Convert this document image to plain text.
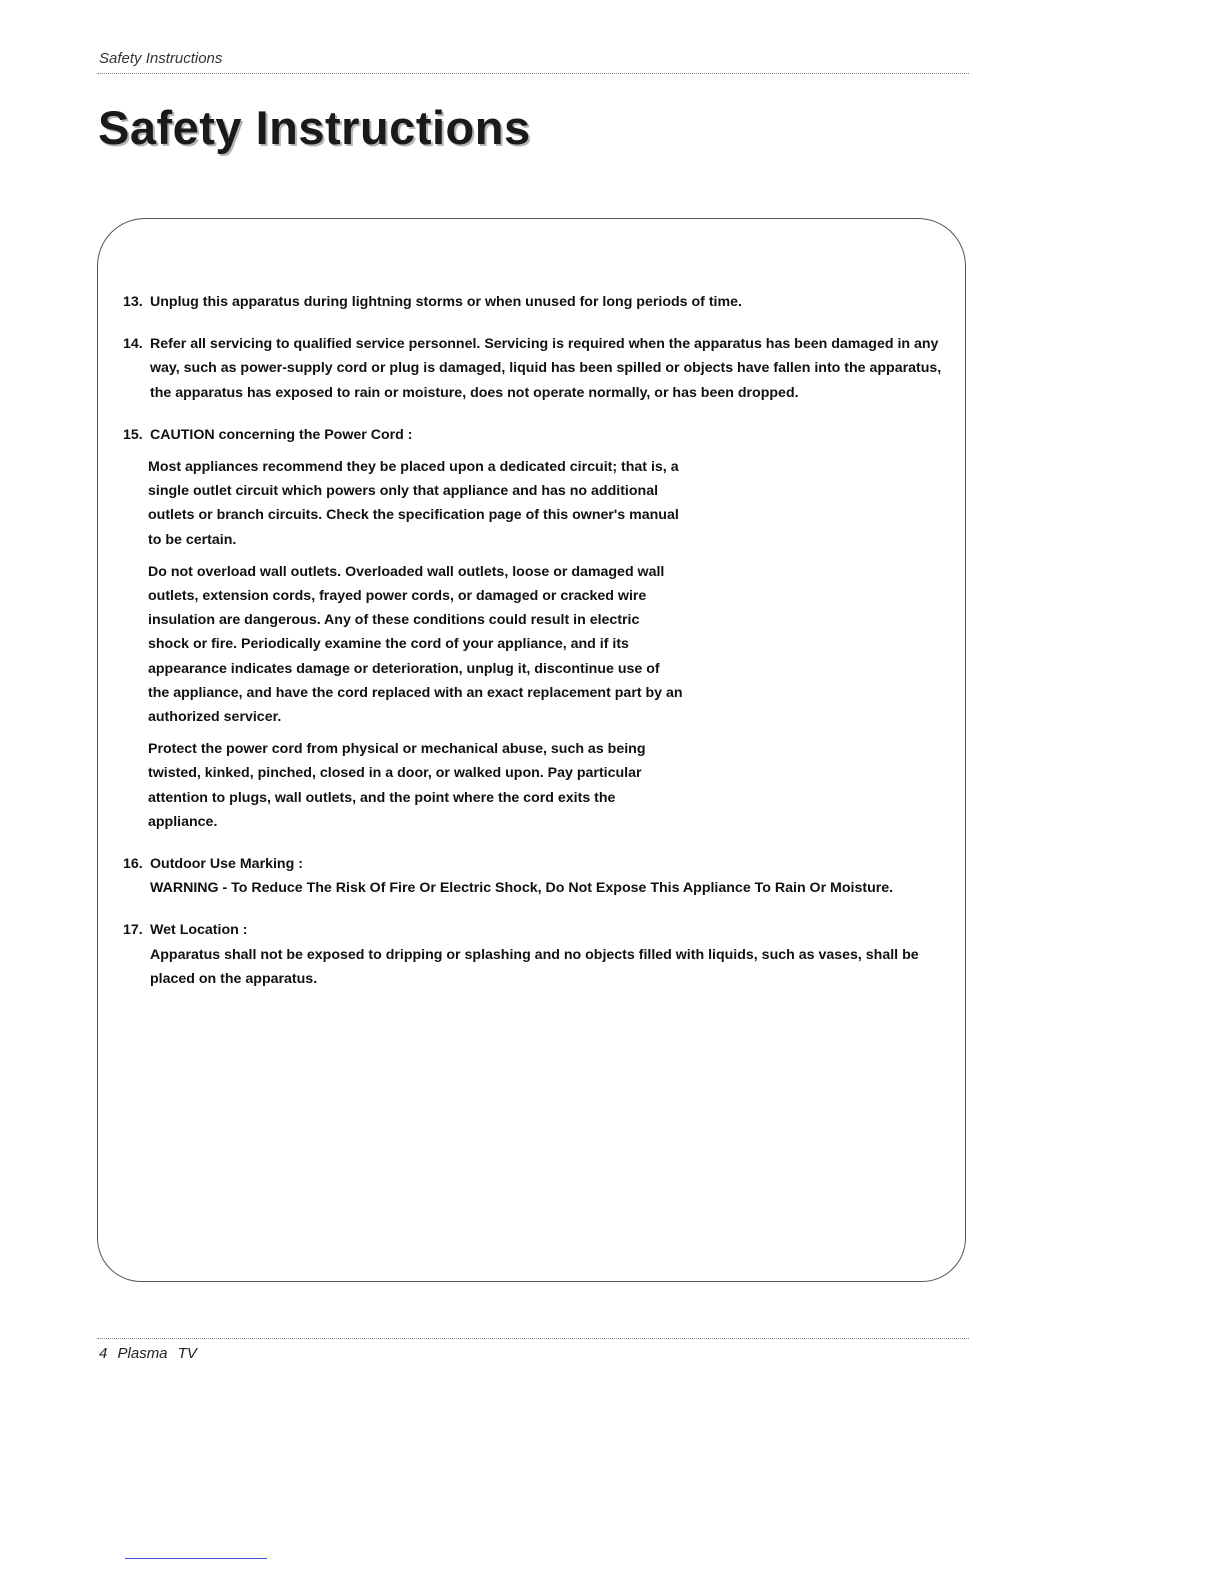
Safety Instructions
Safety Instructions
13. Unplug this apparatus during lightning storms or when unused for long periods of time.
14. Refer all servicing to qualified service personnel. Servicing is required when the apparatus has been damaged in any way, such as power-supply cord or plug is damaged, liquid has been spilled or objects have fallen into the apparatus, the apparatus has exposed to rain or moisture, does not operate normally, or has been dropped.
15. CAUTION concerning the Power Cord :
Most appliances recommend they be placed upon a dedicated circuit; that is, a single outlet circuit which powers only that appliance and has no additional outlets or branch circuits. Check the specification page of this owner's manual to be certain.
Do not overload wall outlets. Overloaded wall outlets, loose or damaged wall outlets, extension cords, frayed power cords, or damaged or cracked wire insulation are dangerous. Any of these conditions could result in electric shock or fire. Periodically examine the cord of your appliance, and if its appearance indicates damage or deterioration, unplug it, discontinue use of the appliance, and have the cord replaced with an exact replacement part by an authorized servicer.
Protect the power cord from physical or mechanical abuse, such as being twisted, kinked, pinched, closed in a door, or walked upon. Pay particular attention to plugs, wall outlets, and the point where the cord exits the appliance.
16. Outdoor Use Marking :
WARNING - To Reduce The Risk Of Fire Or Electric Shock, Do Not Expose This Appliance To Rain Or Moisture.
17. Wet Location :
Apparatus shall not be exposed to dripping or splashing and no objects filled with liquids, such as vases, shall be placed on the apparatus.
4 Plasma TV
